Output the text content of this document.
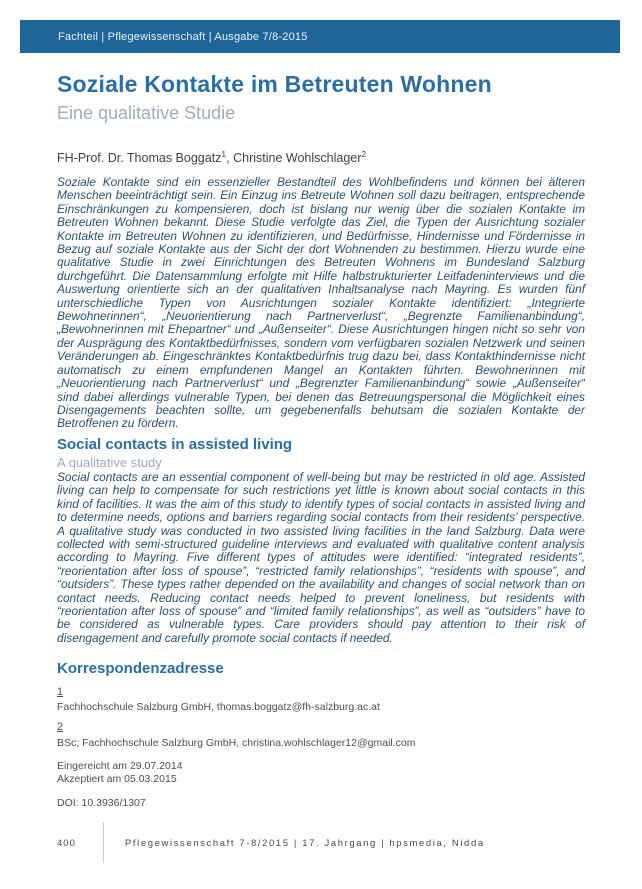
Fachteil | Pflegewissenschaft | Ausgabe 7/8-2015
Soziale Kontakte im Betreuten Wohnen
Eine qualitative Studie
FH-Prof. Dr. Thomas Boggatz$^1$, Christine Wohlschlager$^2$
Soziale Kontakte sind ein essenzieller Bestandteil des Wohlbefindens und können bei älteren Menschen beeinträchtigt sein. Ein Einzug ins Betreute Wohnen soll dazu beitragen, entsprechende Einschränkungen zu kompensieren, doch ist bislang nur wenig über die sozialen Kontakte im Betreuten Wohnen bekannt. Diese Studie verfolgte das Ziel, die Typen der Ausrichtung sozialer Kontakte im Betreuten Wohnen zu identifizieren, und Bedürfnisse, Hindernisse und Fördernisse in Bezug auf soziale Kontakte aus der Sicht der dort Wohnenden zu bestimmen. Hierzu wurde eine qualitative Studie in zwei Einrichtungen des Betreuten Wohnens im Bundesland Salzburg durchgeführt. Die Datensammlung erfolgte mit Hilfe halbstrukturierter Leitfadeninterviews und die Auswertung orientierte sich an der qualitativen Inhaltsanalyse nach Mayring. Es wurden fünf unterschiedliche Typen von Ausrichtungen sozialer Kontakte identifiziert: „Integrierte Bewohnerinnen“, „Neuorientierung nach Partnerverlust“, „Begrenzte Familienanbindung“, „Bewohnerinnen mit Ehepartner“ und „Außenseiter“. Diese Ausrichtungen hingen nicht so sehr von der Ausprägung des Kontaktbedürfnisses, sondern vom verfügbaren sozialen Netzwerk und seinen Veränderungen ab. Eingeschränktes Kontaktbedürfnis trug dazu bei, dass Kontakthindernisse nicht automatisch zu einem empfundenen Mangel an Kontakten führten. Bewohnerinnen mit „Neuorientierung nach Partnerverlust“ und „Begrenzter Familienanbindung“ sowie „Außenseiter“ sind dabei allerdings vulnerable Typen, bei denen das Betreuungspersonal die Möglichkeit eines Disengagements beachten sollte, um gegebenenfalls behutsam die sozialen Kontakte der Betroffenen zu fördern.
Social contacts in assisted living
A qualitative study
Social contacts are an essential component of well-being but may be restricted in old age. Assisted living can help to compensate for such restrictions yet little is known about social contacts in this kind of facilities. It was the aim of this study to identify types of social contacts in assisted living and to determine needs, options and barriers regarding social contacts from their residents’ perspective. A qualitative study was conducted in two assisted living facilities in the land Salzburg. Data were collected with semi-structured guideline interviews and evaluated with qualitative content analysis according to Mayring. Five different types of attitudes were identified: “integrated residents”, “reorientation after loss of spouse”, “restricted family relationships”, “residents with spouse”, and “outsiders”. These types rather depended on the availability and changes of social network than on contact needs. Reducing contact needs helped to prevent loneliness, but residents with “reorientation after loss of spouse” and “limited family relationships”, as well as “outsiders” have to be considered as vulnerable types. Care providers should pay attention to their risk of disengagement and carefully promote social contacts if needed.
Korrespondenzadresse
1
Fachhochschule Salzburg GmbH, thomas.boggatz@fh-salzburg.ac.at
2
BSc; Fachhochschule Salzburg GmbH, christina.wohlschlager12@gmail.com
Eingereicht am 29.07.2014
Akzeptiert am 05.03.2015
DOI: 10.3936/1307
400	Pflegewissenschaft 7-8/2015 | 17. Jahrgang | hpsmedia, Nidda
